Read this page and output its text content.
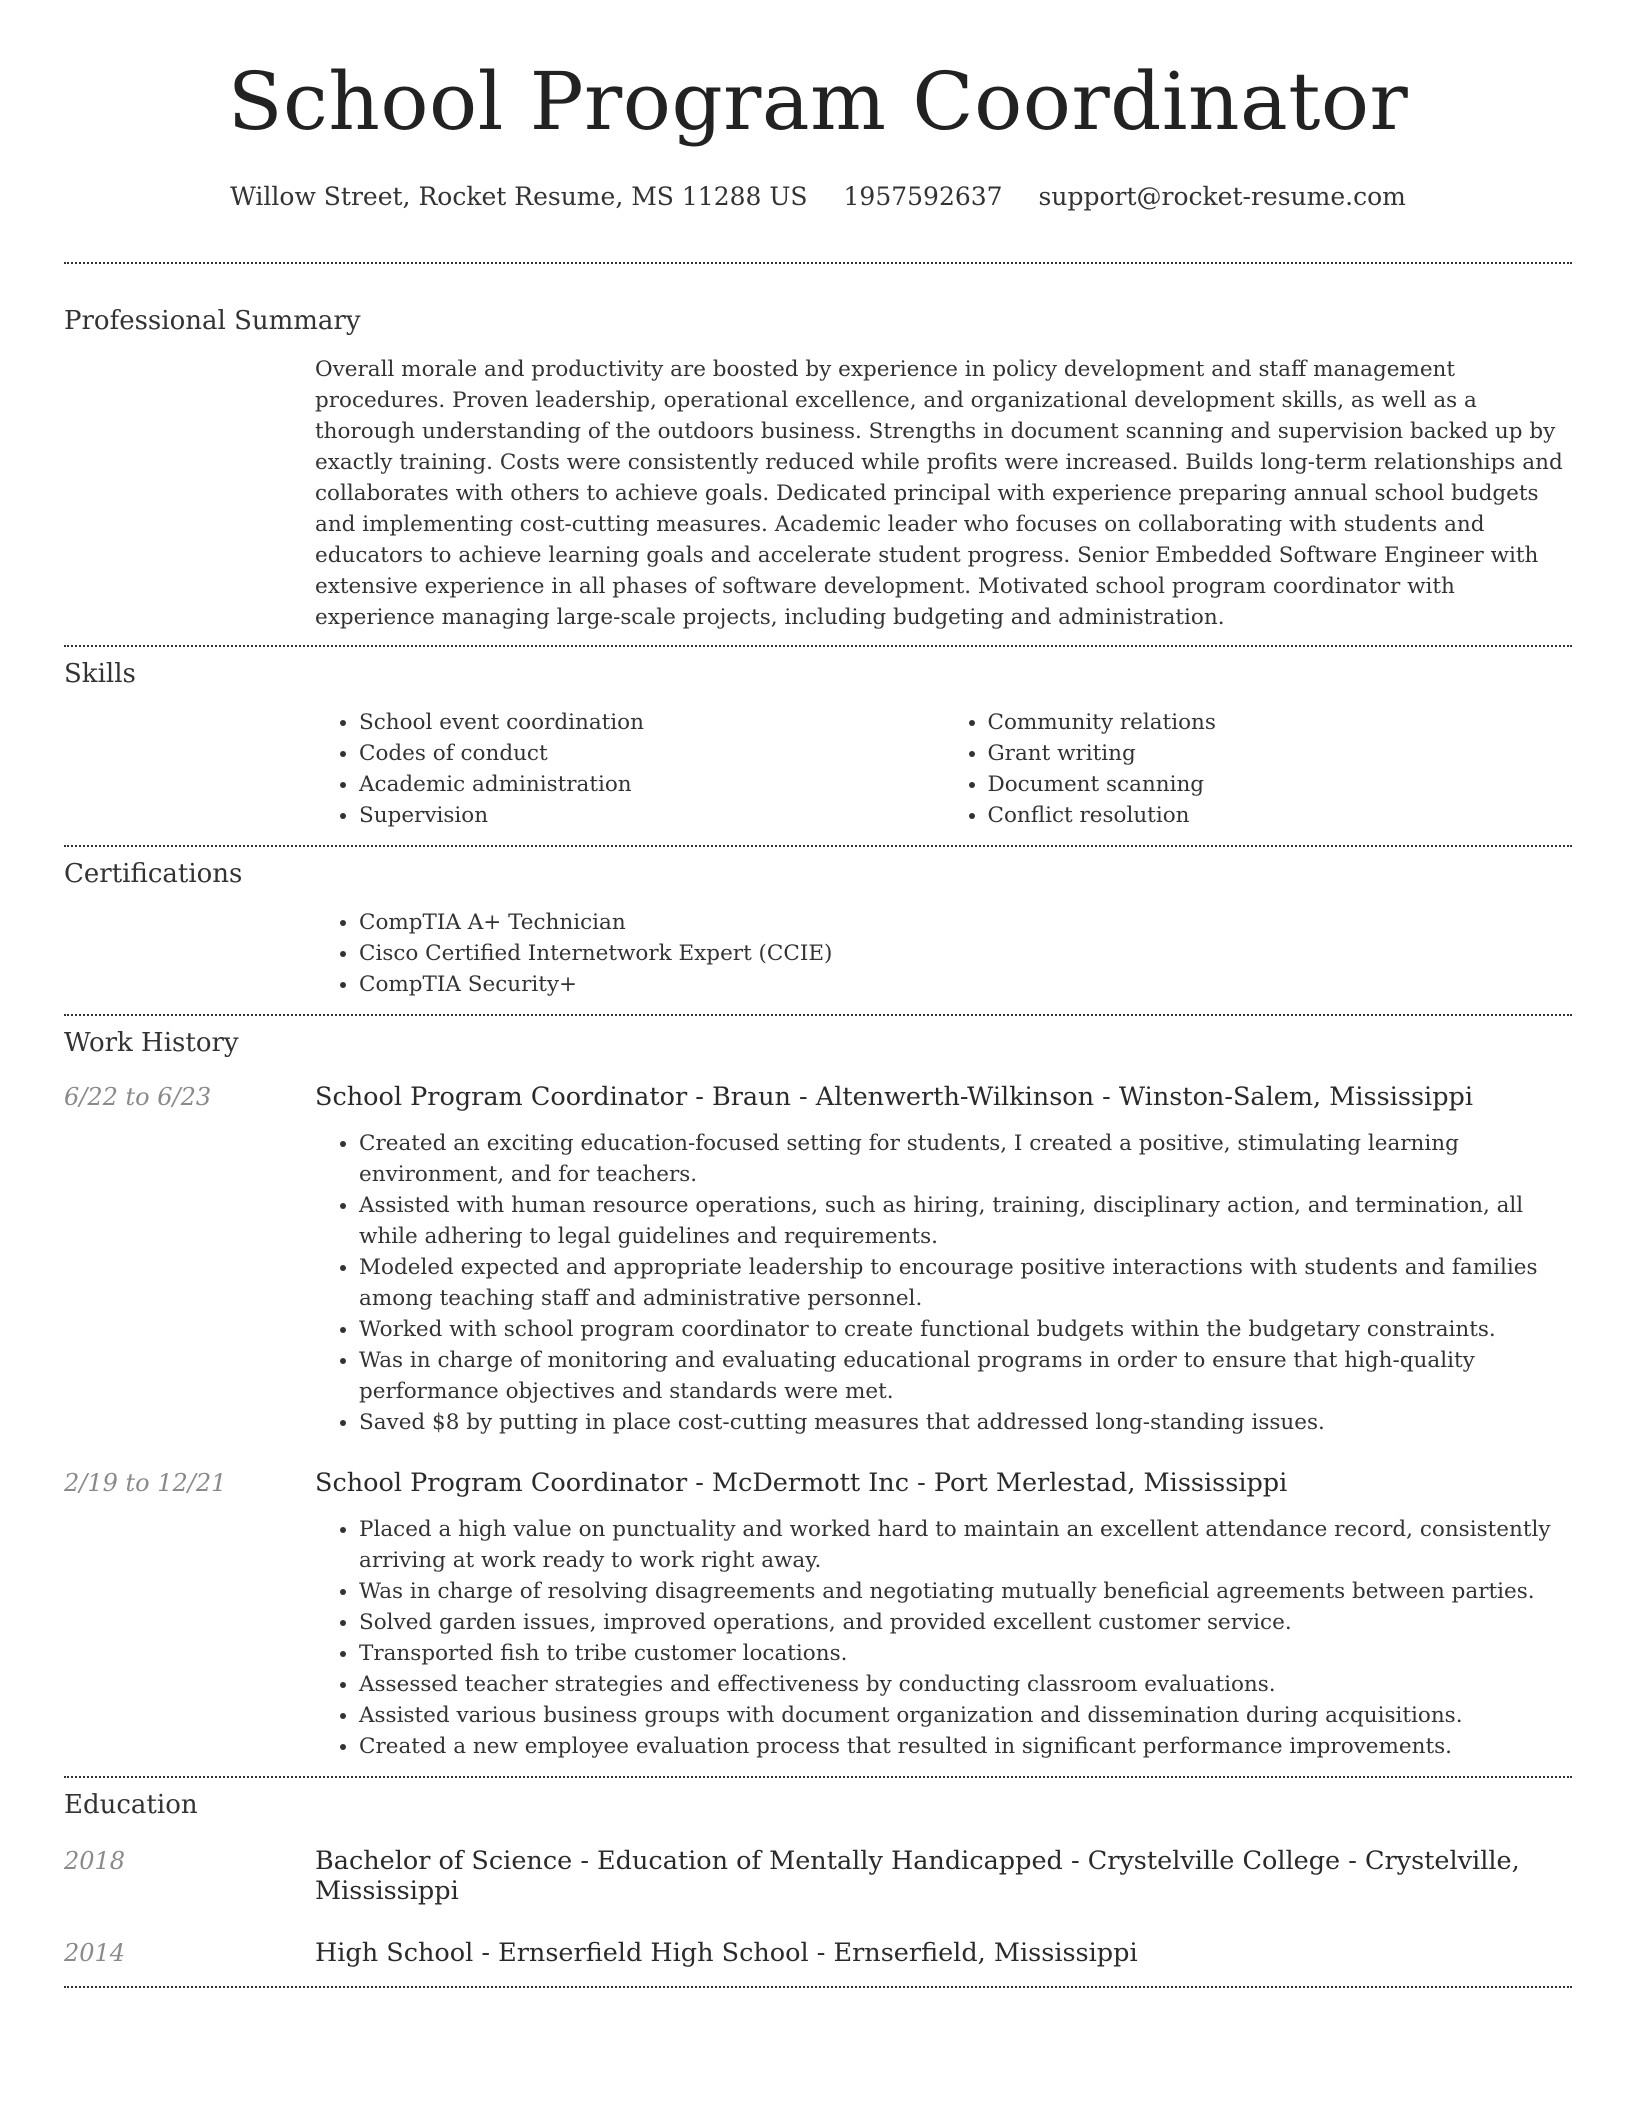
School Program Coordinator
Willow Street, Rocket Resume, MS 11288 US 1957592637 support@rocket-resume.com
Professional Summary

Overall morale and productivity are boosted by experience in policy development and staff management procedures. Proven leadership, operational excellence, and organizational development skills, as well as a thorough understanding of the outdoors business. Strengths in document scanning and supervision backed up by exactly training. Costs were consistently reduced while profits were increased. Builds long-term relationships and collaborates with others to achieve goals. Dedicated principal with experience preparing annual school budgets and implementing cost-cutting measures. Academic leader who focuses on collaborating with students and educators to achieve learning goals and accelerate student progress. Senior Embedded Software Engineer with extensive experience in all phases of software development. Motivated school program coordinator with experience managing large-scale projects, including budgeting and administration.

Skills
• School event coordination
• Codes of conduct
• Academic administration
• Supervision
• Community relations
• Grant writing
• Document scanning
• Conflict resolution
Certifications
• CompTIA A+ Technician
• Cisco Certified Internetwork Expert (CCIE)
• CompTIA Security+
Work History
6/22 to 6/23	School Program Coordinator - Braun - Altenwerth-Wilkinson - Winston-Salem, Mississippi
• Created an exciting education-focused setting for students, I created a positive, stimulating learning environment, and for teachers.
• Assisted with human resource operations, such as hiring, training, disciplinary action, and termination, all while adhering to legal guidelines and requirements.
• Modeled expected and appropriate leadership to encourage positive interactions with students and families among teaching staff and administrative personnel.
• Worked with school program coordinator to create functional budgets within the budgetary constraints.
• Was in charge of monitoring and evaluating educational programs in order to ensure that high-quality performance objectives and standards were met.
• Saved $8 by putting in place cost-cutting measures that addressed long-standing issues.
2/19 to 12/21	School Program Coordinator - McDermott Inc - Port Merlestad, Mississippi
• Placed a high value on punctuality and worked hard to maintain an excellent attendance record, consistently arriving at work ready to work right away.
• Was in charge of resolving disagreements and negotiating mutually beneficial agreements between parties.
• Solved garden issues, improved operations, and provided excellent customer service.
• Transported fish to tribe customer locations.
• Assessed teacher strategies and effectiveness by conducting classroom evaluations.
• Assisted various business groups with document organization and dissemination during acquisitions.
• Created a new employee evaluation process that resulted in significant performance improvements.
Education
2018	Bachelor of Science - Education of Mentally Handicapped - Crystelville College - Crystelville, Mississippi
2014	High School - Ernserfield High School - Ernserfield, Mississippi
